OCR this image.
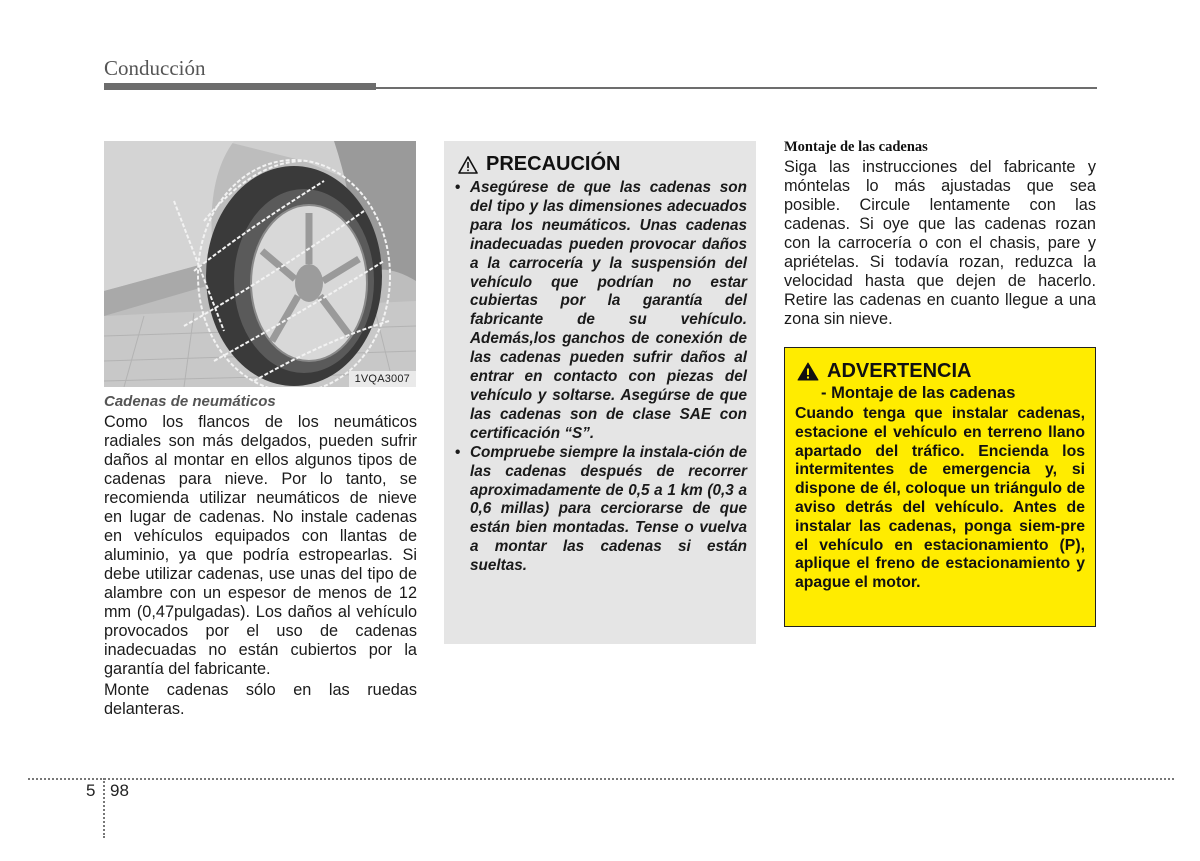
Conducción
1VQA3007

Cadenas de neumáticos

Como los flancos de los neumáticos radiales son más delgados, pueden sufrir daños al montar en ellos algunos tipos de cadenas para nieve. Por lo tanto, se recomienda utilizar neumáticos de nieve en lugar de cadenas. No instale cadenas en vehículos equipados con llantas de aluminio, ya que podría estropearlas. Si debe utilizar cadenas, use unas del tipo de alambre con un espesor de menos de 12 mm (0,47pulgadas). Los daños al vehículo provocados por el uso de cadenas inadecuadas no están cubiertos por la garantía del fabricante.

Monte cadenas sólo en las ruedas delanteras.

PRECAUCIÓN
• Asegúrese de que las cadenas son del tipo y las dimensiones adecuados para los neumáticos. Unas cadenas inadecuadas pueden provocar daños a la carrocería y la suspensión del vehículo que podrían no estar cubiertas por la garantía del fabricante de su vehículo. Además,los ganchos de conexión de las cadenas pueden sufrir daños al entrar en contacto con piezas del vehículo y soltarse. Asegúrse de que las cadenas son de clase SAE con certificación “S”.
• Compruebe siempre la instala-ción de las cadenas después de recorrer aproximadamente de 0,5 a 1 km (0,3 a 0,6 millas) para cerciorarse de que están bien montadas. Tense o vuelva a montar las cadenas si están sueltas.

Montaje de las cadenas

Siga las instrucciones del fabricante y móntelas lo más ajustadas que sea posible. Circule lentamente con las cadenas. Si oye que las cadenas rozan con la carrocería o con el chasis, pare y apriételas. Si todavía rozan, reduzca la velocidad hasta que dejen de hacerlo. Retire las cadenas en cuanto llegue a una zona sin nieve.

ADVERTENCIA
- Montaje de las cadenas

Cuando tenga que instalar cadenas, estacione el vehículo en terreno llano apartado del tráfico. Encienda los intermitentes de emergencia y, si dispone de él, coloque un triángulo de aviso detrás del vehículo. Antes de instalar las cadenas, ponga siem-pre el vehículo en estacionamiento (P), aplique el freno de estacionamiento y apague el motor.

5 98
